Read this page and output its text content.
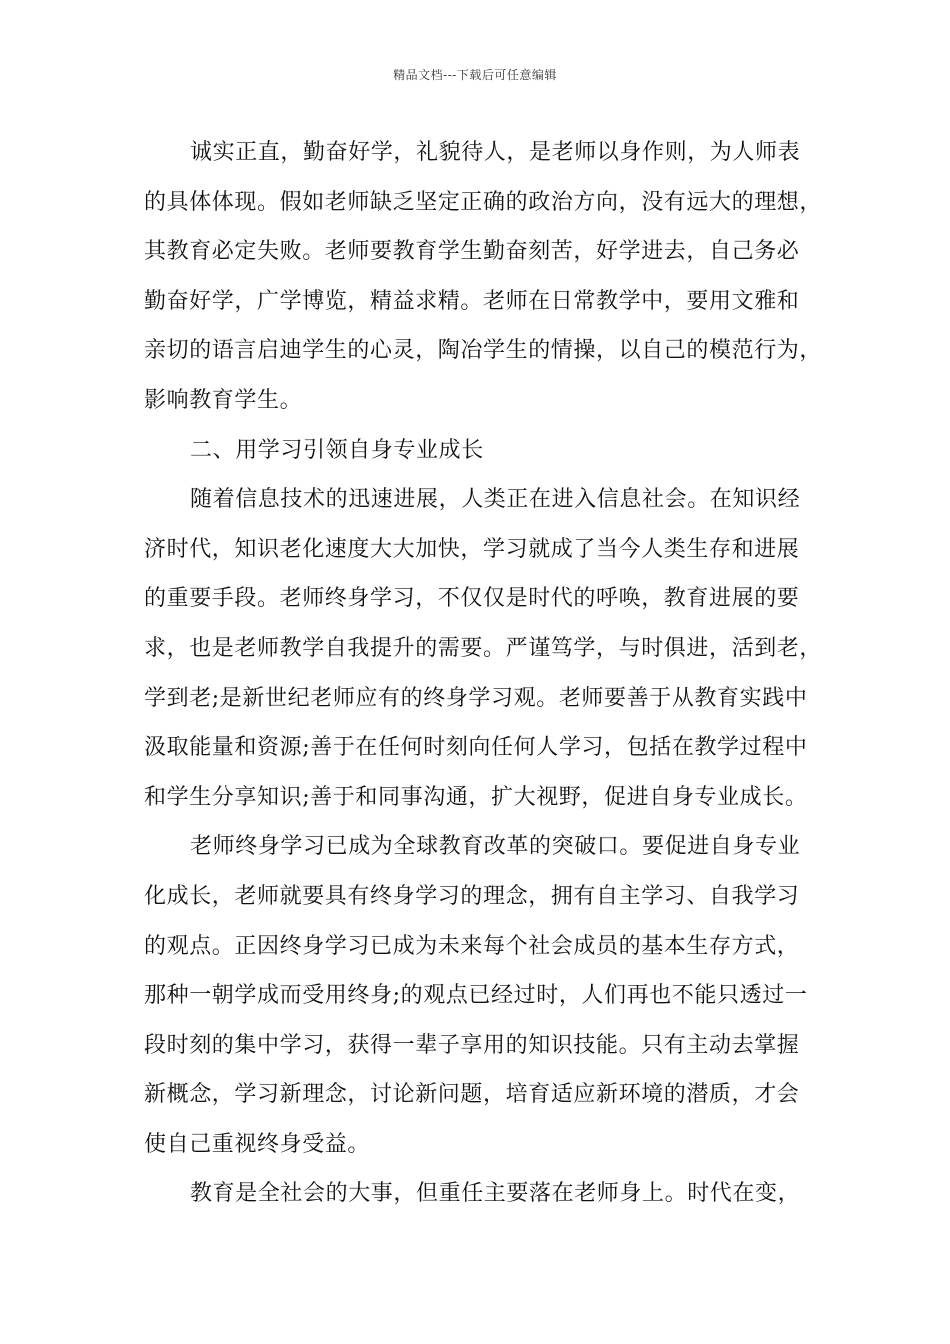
精品文档---下载后可任意编辑
诚实正直，勤奋好学，礼貌待人，是老师以身作则，为人师表
的具体体现。假如老师缺乏坚定正确的政治方向，没有远大的理想，
其教育必定失败。老师要教育学生勤奋刻苦，好学进去，自己务必
勤奋好学，广学博览，精益求精。老师在日常教学中，要用文雅和
亲切的语言启迪学生的心灵，陶冶学生的情操，以自己的模范行为，
影响教育学生。
二、用学习引领自身专业成长
随着信息技术的迅速进展，人类正在进入信息社会。在知识经
济时代，知识老化速度大大加快，学习就成了当今人类生存和进展
的重要手段。老师终身学习，不仅仅是时代的呼唤，教育进展的要
求，也是老师教学自我提升的需要。严谨笃学，与时俱进，活到老，
学到老;是新世纪老师应有的终身学习观。老师要善于从教育实践中
汲取能量和资源;善于在任何时刻向任何人学习，包括在教学过程中
和学生分享知识;善于和同事沟通，扩大视野，促进自身专业成长。
老师终身学习已成为全球教育改革的突破口。要促进自身专业
化成长，老师就要具有终身学习的理念，拥有自主学习、自我学习
的观点。正因终身学习已成为未来每个社会成员的基本生存方式，
那种一朝学成而受用终身;的观点已经过时，人们再也不能只透过一
段时刻的集中学习，获得一辈子享用的知识技能。只有主动去掌握
新概念，学习新理念，讨论新问题，培育适应新环境的潜质，才会
使自己重视终身受益。
教育是全社会的大事，但重任主要落在老师身上。时代在变，
